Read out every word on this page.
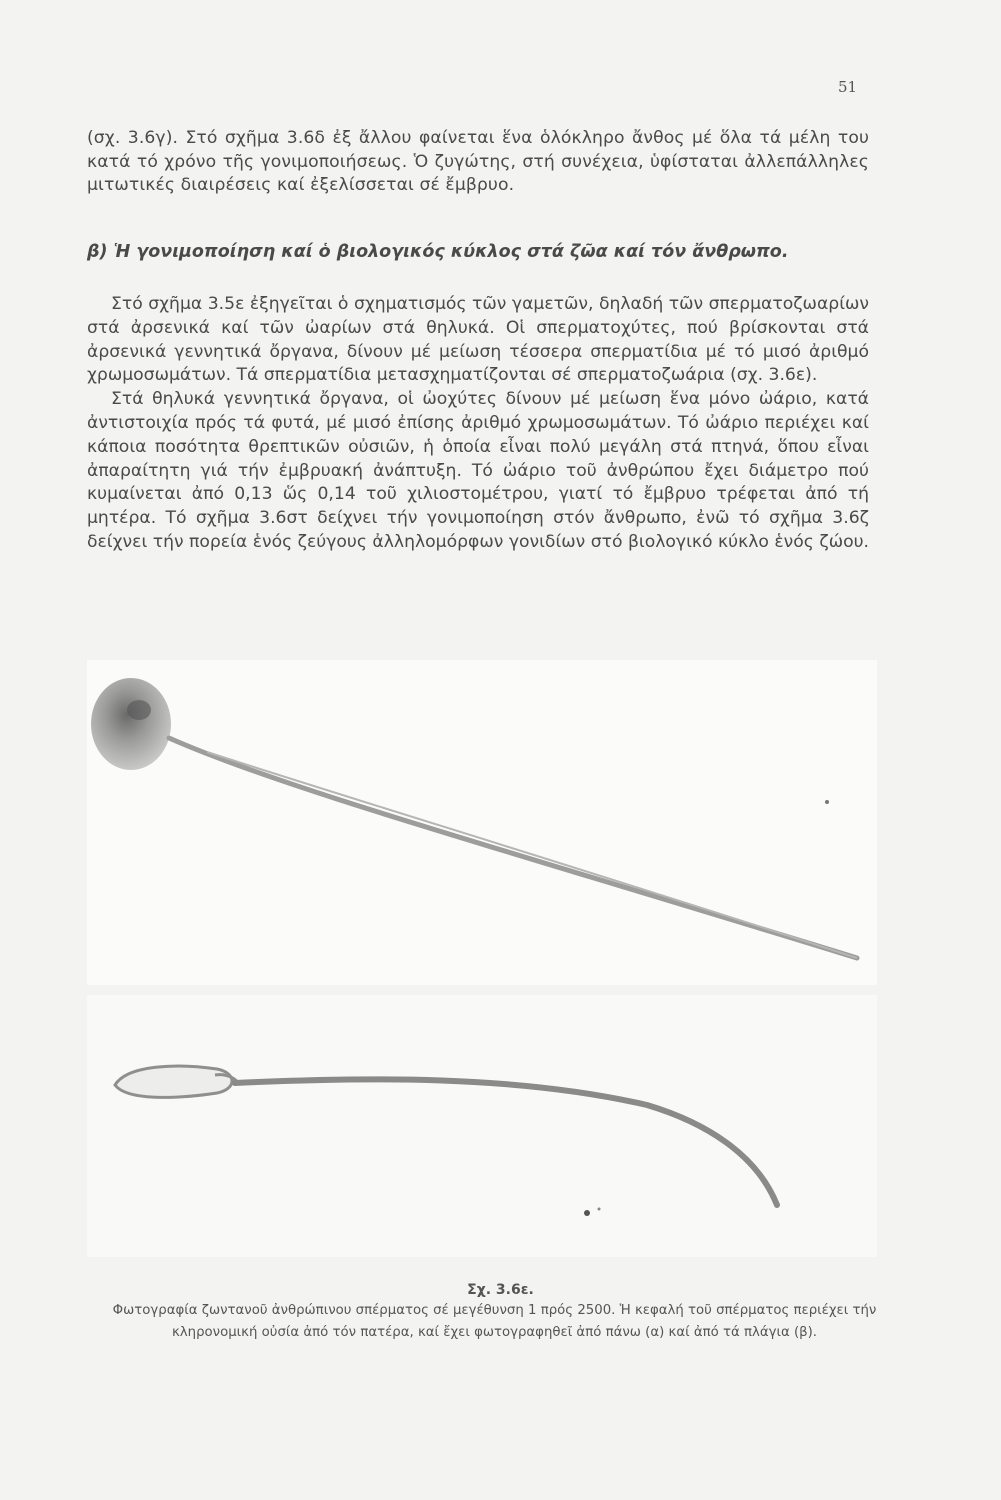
51

(σχ. 3.6γ). Στό σχῆμα 3.6δ ἐξ ἄλλου φαίνεται ἕνα ὁλόκληρο ἄνθος μέ ὅλα τά μέλη του κατά τό χρόνο τῆς γονιμοποιήσεως. Ὁ ζυγώτης, στή συνέχεια, ὑφίσταται ἀλλεπάλληλες μιτωτικές διαιρέσεις καί ἐξελίσσεται σέ ἔμβρυο.

β) Ἡ γονιμοποίηση καί ὁ βιολογικός κύκλος στά ζῶα καί τόν ἄνθρωπο.

Στό σχῆμα 3.5ε ἐξηγεῖται ὁ σχηματισμός τῶν γαμετῶν, δηλαδή τῶν σπερματοζωαρίων στά ἀρσενικά καί τῶν ὠαρίων στά θηλυκά. Οἱ σπερματοχύτες, πού βρίσκονται στά ἀρσενικά γεννητικά ὄργανα, δίνουν μέ μείωση τέσσερα σπερματίδια μέ τό μισό ἀριθμό χρωμοσωμάτων. Τά σπερματίδια μετασχηματίζονται σέ σπερματοζωάρια (σχ. 3.6ε).

Στά θηλυκά γεννητικά ὄργανα, οἱ ὠοχύτες δίνουν μέ μείωση ἕνα μόνο ὠάριο, κατά ἀντιστοιχία πρός τά φυτά, μέ μισό ἐπίσης ἀριθμό χρωμοσωμάτων. Τό ὠάριο περιέχει καί κάποια ποσότητα θρεπτικῶν οὐσιῶν, ἡ ὁποία εἶναι πολύ μεγάλη στά πτηνά, ὅπου εἶναι ἀπαραίτητη γιά τήν ἐμβρυακή ἀνάπτυξη. Τό ὠάριο τοῦ ἀνθρώπου ἔχει διάμετρο πού κυμαίνεται ἀπό 0,13 ὥς 0,14 τοῦ χιλιοστομέτρου, γιατί τό ἔμβρυο τρέφεται ἀπό τή μητέρα. Τό σχῆμα 3.6στ δείχνει τήν γονιμοποίηση στόν ἄνθρωπο, ἐνῶ τό σχῆμα 3.6ζ δείχνει τήν πορεία ἑνός ζεύγους ἀλληλομόρφων γονιδίων στό βιολογικό κύκλο ἑνός ζώου.

Σχ. 3.6ε.
Φωτογραφία ζωντανοῦ ἀνθρώπινου σπέρματος σέ μεγέθυνση 1 πρός 2500. Ἡ κεφαλή τοῦ σπέρματος περιέχει τήν κληρονομική οὐσία ἀπό τόν πατέρα, καί ἔχει φωτογραφηθεῖ ἀπό πάνω (α) καί ἀπό τά πλάγια (β).
